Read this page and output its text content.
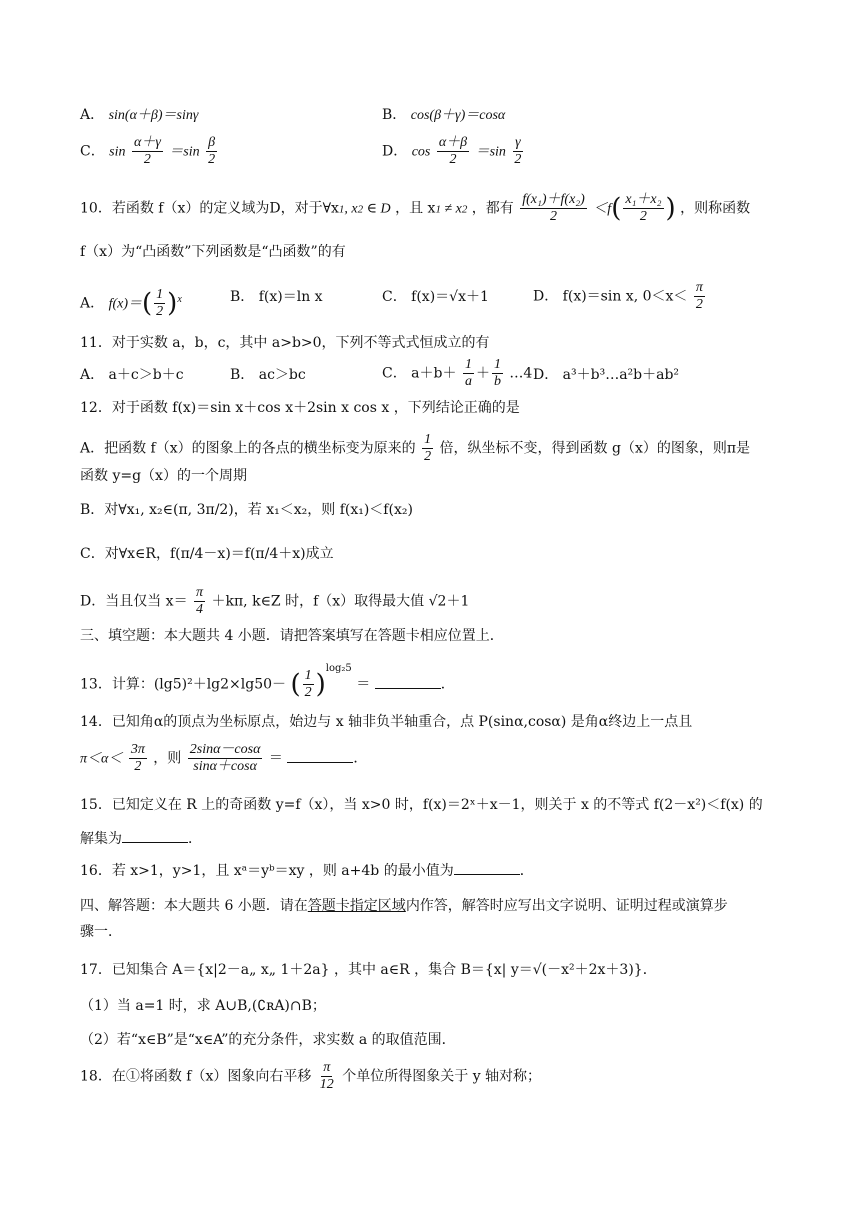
A． sin(α＋β)＝sinγ	B． cos(β＋γ)＝cosα
C． $\sin \frac{\alpha+\gamma}{2} =\sin \frac{\beta}{2}$	D． $\cos \frac{\alpha+\beta}{2} =\sin \frac{\gamma}{2}$
10．若函数 f（x）的定义域为D，对于∀x1, x2 ∈ D ，且 x1 ≠ x2 ，都有 $\frac{\text{f(x₁)＋f(x₂)}}{2} <f( \frac{\text{x₁＋x₂}}{2}$ ) ，则称函数
f（x）为“凸函数”下列函数是“凸函数”的有
A． $f(x)=( \frac{1}{2} )^x$	B． f(x)＝ln x	C． f(x)＝√x＋1	D． f(x)＝sin x, $0<x< \frac{\pi}{2}$
11．对于实数 a，b，c，其中 a>b>0，下列不等式式恒成立的有
A． a＋c＞b＋c	B． ac＞bc	C． $a+b+ \frac{1}{a} + \frac{1}{b}$ …4 D． a³＋b³…a²b＋ab²
12．对于函数 f(x)＝sin x＋cos x＋2sin x cos x ，下列结论正确的是
A．把函数 f（x）的图象上的各点的横坐标变为原来的 $\frac{1}{2}$ 倍，纵坐标不变，得到函数 g（x）的图象，则π是
函数 y=g（x）的一个周期
B．对∀x₁, x₂∈(π, 3π/2)，若 x₁＜x₂，则 f(x₁)＜f(x₂)
C．对∀x∈R，f(π/4－x)＝f(π/4＋x)成立
D．当且仅当 $x= \frac{\pi}{4} +k\pi$, k∈Z 时，f（x）取得最大值 √2＋1
三、填空题：本大题共 4 小题．请把答案填写在答题卡相应位置上．
13．计算：(lg5)²＋lg2×lg50－ ( $\frac{1}{2} )^{log_25}$ ＝	．
14．已知角α的顶点为坐标原点，始边与 x 轴非负半轴重合，点 P(sinα,cosα) 是角α终边上一点且
$\pi<\alpha< \frac{3\pi}{2}$ ，则 $\frac{2\sin\alpha-\cos\alpha}{\sin\alpha+\cos\alpha}$ ＝	．
15．已知定义在 R 上的奇函数 y=f（x），当 x>0 时，f(x)＝2ˣ＋x－1，则关于 x 的不等式 f(2－x²)＜f(x) 的
解集为	．
16．若 x>1，y>1，且 xᵃ＝yᵇ＝xy ，则 a+4b 的最小值为	．
四、解答题：本大题共 6 小题．请在答题卡指定区域内作答，解答时应写出文字说明、证明过程或演算步
骤一．
17．已知集合 A＝{x|2－a„ x„ 1＋2a} ，其中 a∈R ，集合 B＝{x| y＝√(－x²＋2x＋3)}．
（1）当 a=1 时，求 A∪B,(∁ʀA)∩B；
（2）若“x∈B”是“x∈A”的充分条件，求实数 a 的取值范围．
18．在①将函数 f（x）图象向右平移 $\frac{\pi}{12}$ 个单位所得图象关于 y 轴对称；
